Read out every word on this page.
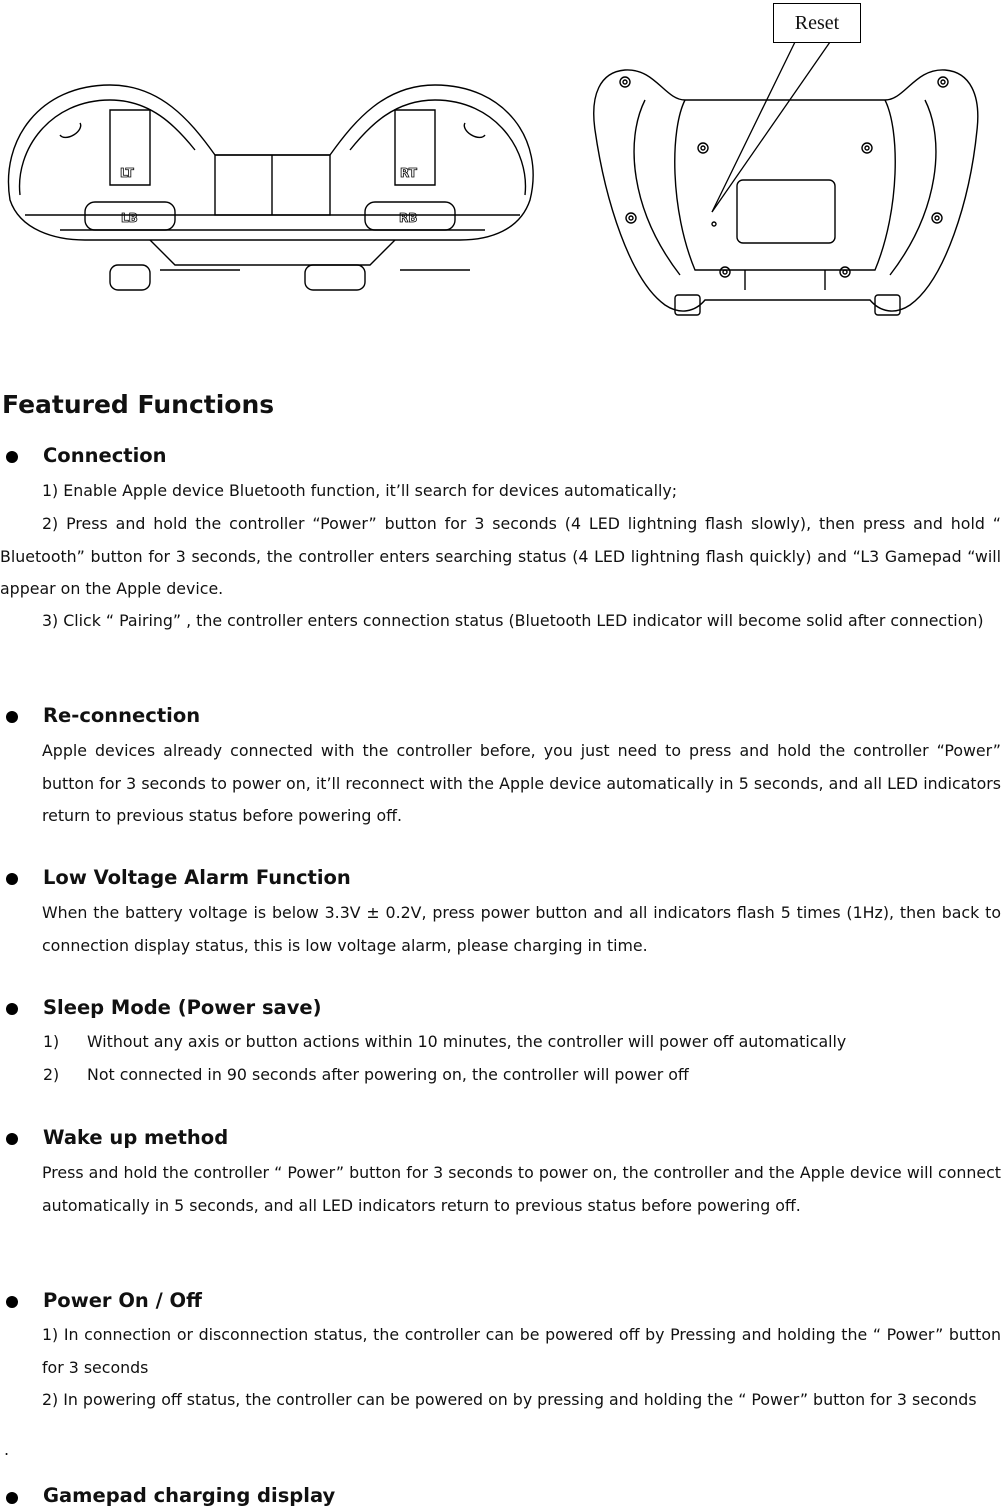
LT	RT
LB	RB
Reset
Featured Functions
Connection
1) Enable Apple device Bluetooth function, it’ll search for devices automatically;
2) Press and hold the controller “Power” button for 3 seconds (4 LED lightning flash slowly), then press and hold “ Bluetooth” button for 3 seconds, the controller enters searching status (4 LED lightning flash quickly) and “L3 Gamepad “will appear on the Apple device.
3) Click “ Pairing” , the controller enters connection status (Bluetooth LED indicator will become solid after connection)
Re-connection
Apple devices already connected with the controller before, you just need to press and hold the controller “Power” button for 3 seconds to power on, it’ll reconnect with the Apple device automatically in 5 seconds, and all LED indicators return to previous status before powering off.
Low Voltage Alarm Function
When the battery voltage is below 3.3V ± 0.2V, press power button and all indicators flash 5 times (1Hz), then back to connection display status, this is low voltage alarm, please charging in time.
Sleep Mode (Power save)
1) Without any axis or button actions within 10 minutes, the controller will power off automatically
2) Not connected in 90 seconds after powering on, the controller will power off
Wake up method
Press and hold the controller “ Power” button for 3 seconds to power on, the controller and the Apple device will connect automatically in 5 seconds, and all LED indicators return to previous status before powering off.
Power On / Off
1) In connection or disconnection status, the controller can be powered off by Pressing and holding the “ Power” button for 3 seconds
2) In powering off status, the controller can be powered on by pressing and holding the “ Power” button for 3 seconds
.
Gamepad charging display
